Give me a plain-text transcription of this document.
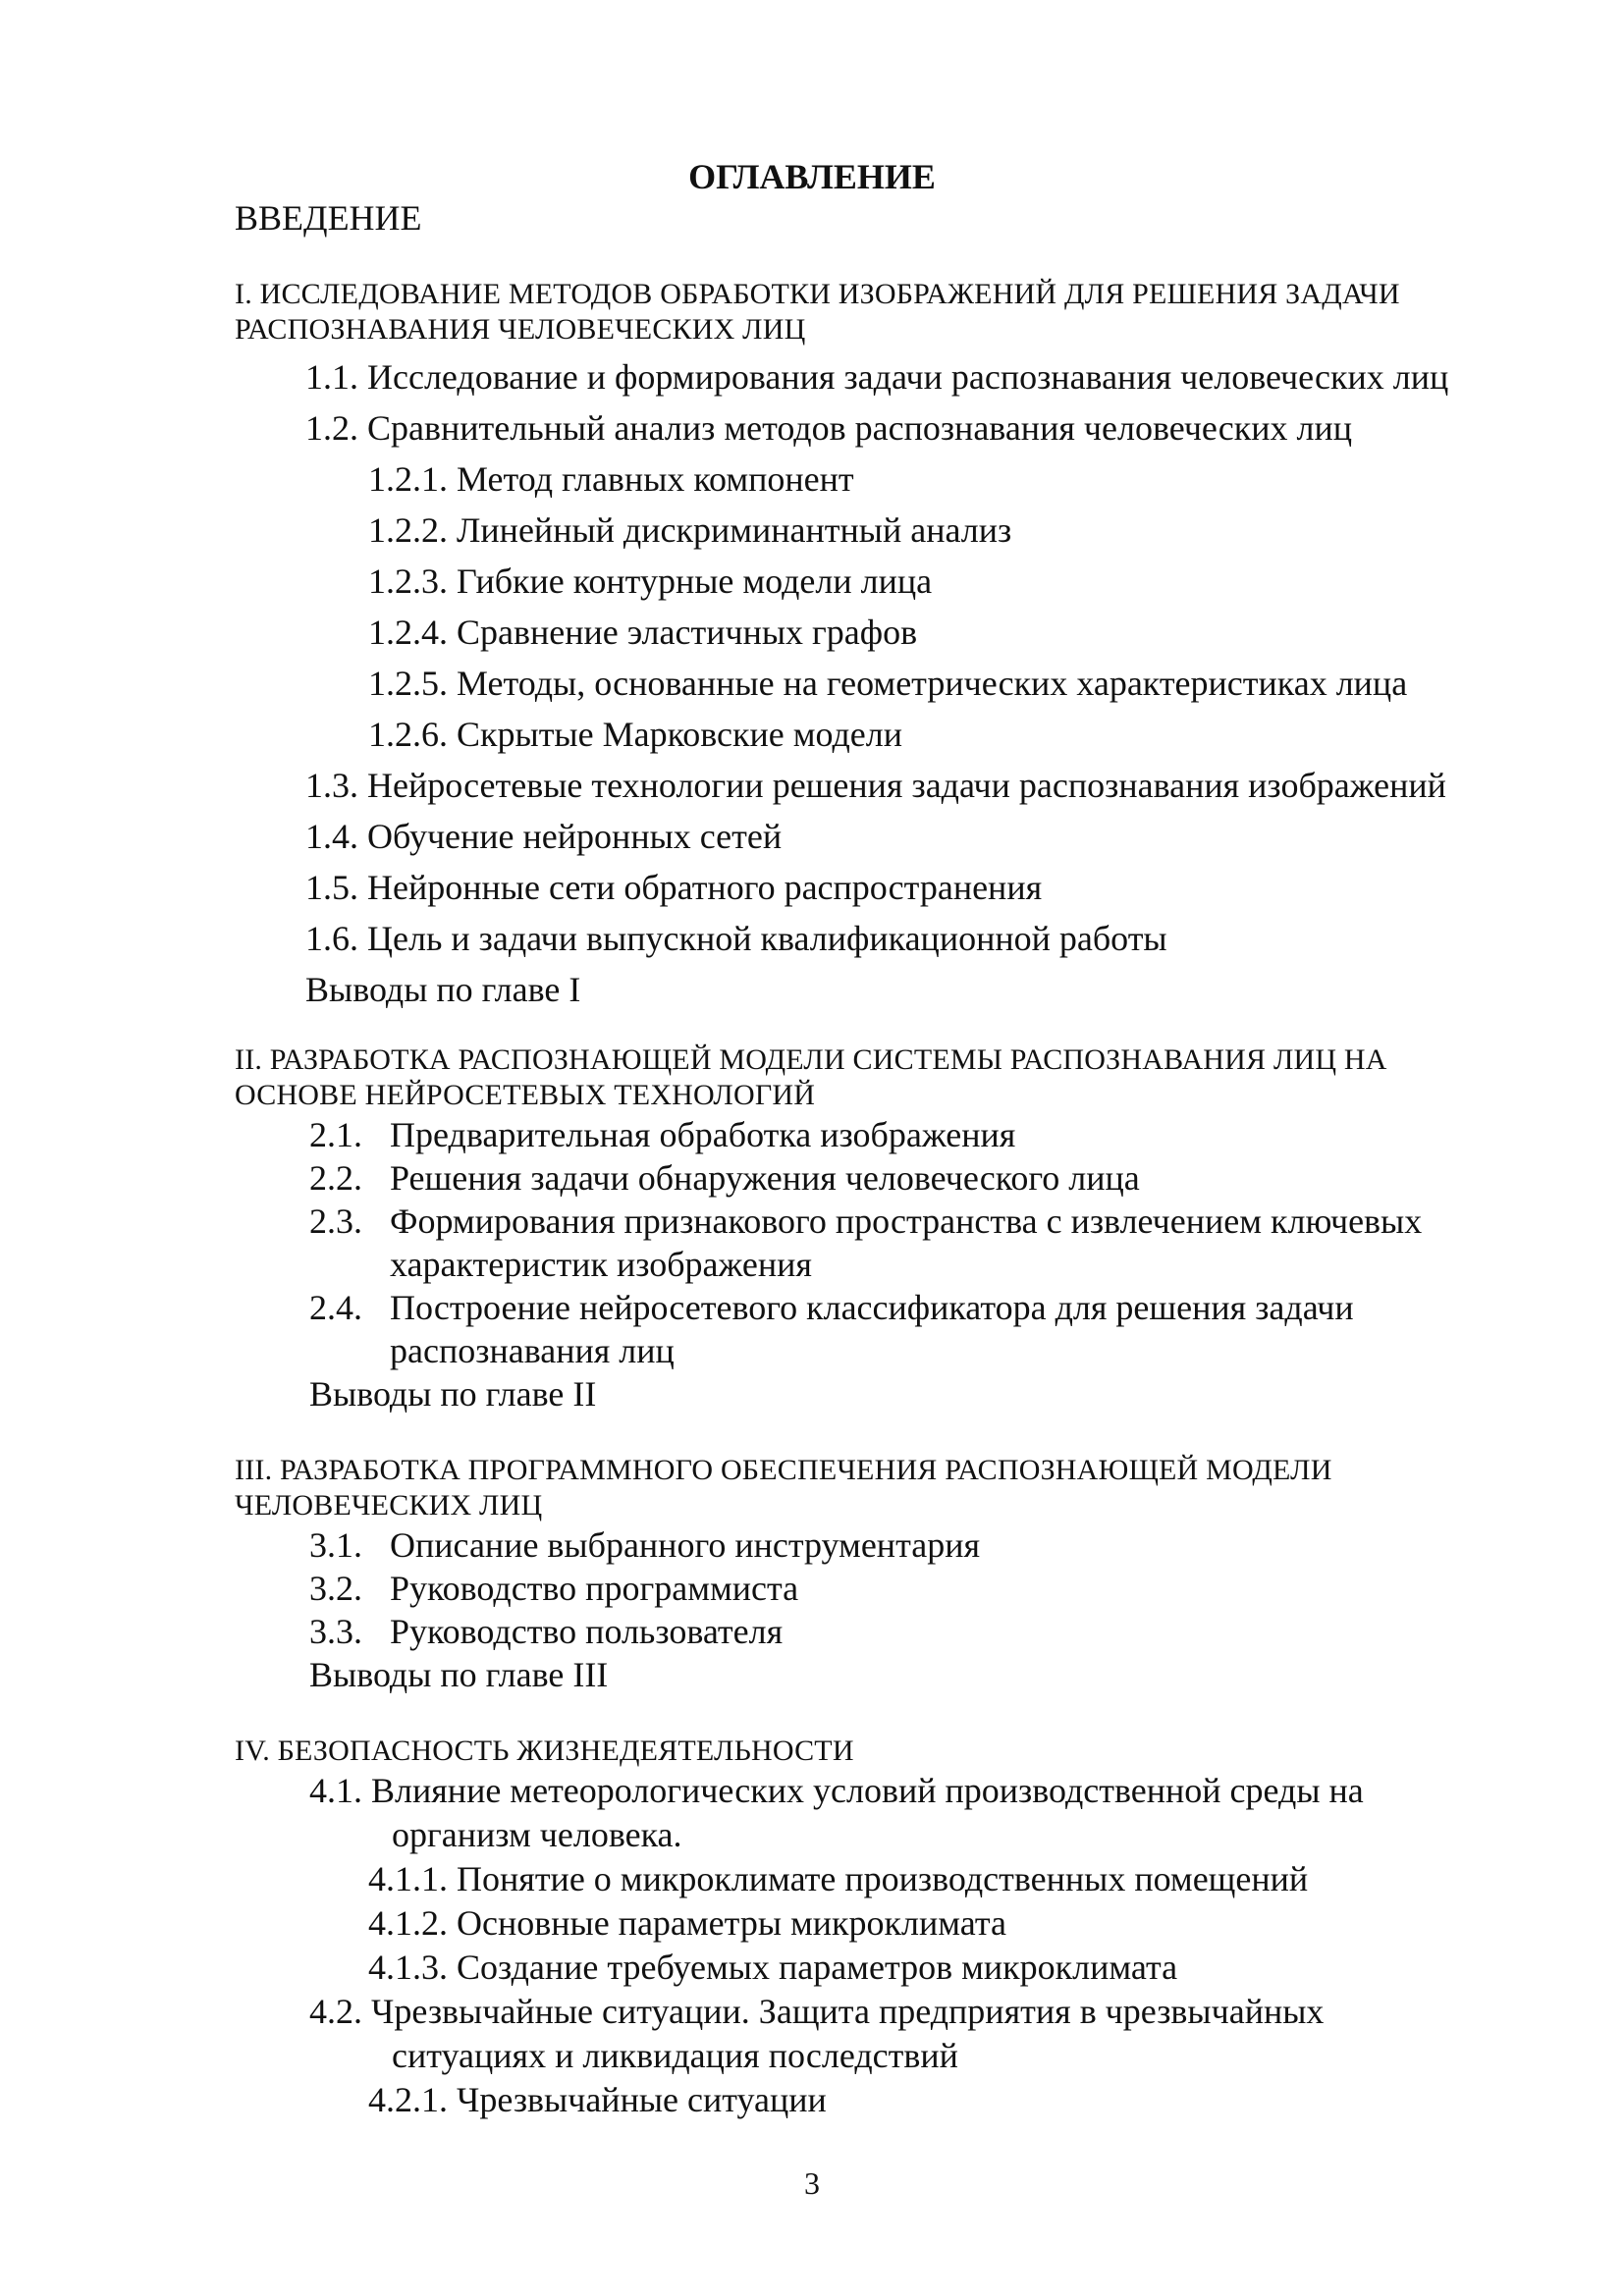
ОГЛАВЛЕНИЕ
ВВЕДЕНИЕ
I. ИССЛЕДОВАНИЕ МЕТОДОВ ОБРАБОТКИ ИЗОБРАЖЕНИЙ ДЛЯ РЕШЕНИЯ ЗАДАЧИ
РАСПОЗНАВАНИЯ ЧЕЛОВЕЧЕСКИХ ЛИЦ
1.1. Исследование и формирования задачи распознавания человеческих лиц
1.2. Сравнительный анализ методов распознавания человеческих лиц
1.2.1. Метод главных компонент
1.2.2. Линейный дискриминантный анализ
1.2.3. Гибкие контурные модели лица
1.2.4. Сравнение эластичных графов
1.2.5. Методы, основанные на геометрических характеристиках лица
1.2.6. Скрытые Марковские модели
1.3. Нейросетевые технологии решения задачи распознавания изображений
1.4. Обучение нейронных сетей
1.5. Нейронные сети обратного распространения
1.6. Цель и задачи выпускной квалификационной работы
Выводы по главе I
II. РАЗРАБОТКА РАСПОЗНАЮЩЕЙ МОДЕЛИ СИСТЕМЫ РАСПОЗНАВАНИЯ ЛИЦ НА
ОСНОВЕ НЕЙРОСЕТЕВЫХ ТЕХНОЛОГИЙ
2.1. Предварительная обработка изображения
2.2. Решения задачи обнаружения человеческого лица
2.3. Формирования признакового пространства с извлечением ключевых
характеристик изображения
2.4. Построение нейросетевого классификатора для решения задачи
распознавания лиц
Выводы по главе II
III. РАЗРАБОТКА ПРОГРАММНОГО ОБЕСПЕЧЕНИЯ РАСПОЗНАЮЩЕЙ МОДЕЛИ
ЧЕЛОВЕЧЕСКИХ ЛИЦ
3.1. Описание выбранного инструментария
3.2. Руководство программиста
3.3. Руководство пользователя
Выводы по главе III
IV. БЕЗОПАСНОСТЬ ЖИЗНЕДЕЯТЕЛЬНОСТИ
4.1. Влияние метеорологических условий производственной среды на
организм человека.
4.1.1. Понятие о микроклимате производственных помещений
4.1.2. Основные параметры микроклимата
4.1.3. Создание требуемых параметров микроклимата
4.2. Чрезвычайные ситуации. Защита предприятия в чрезвычайных
ситуациях и ликвидация последствий
4.2.1. Чрезвычайные ситуации
3
